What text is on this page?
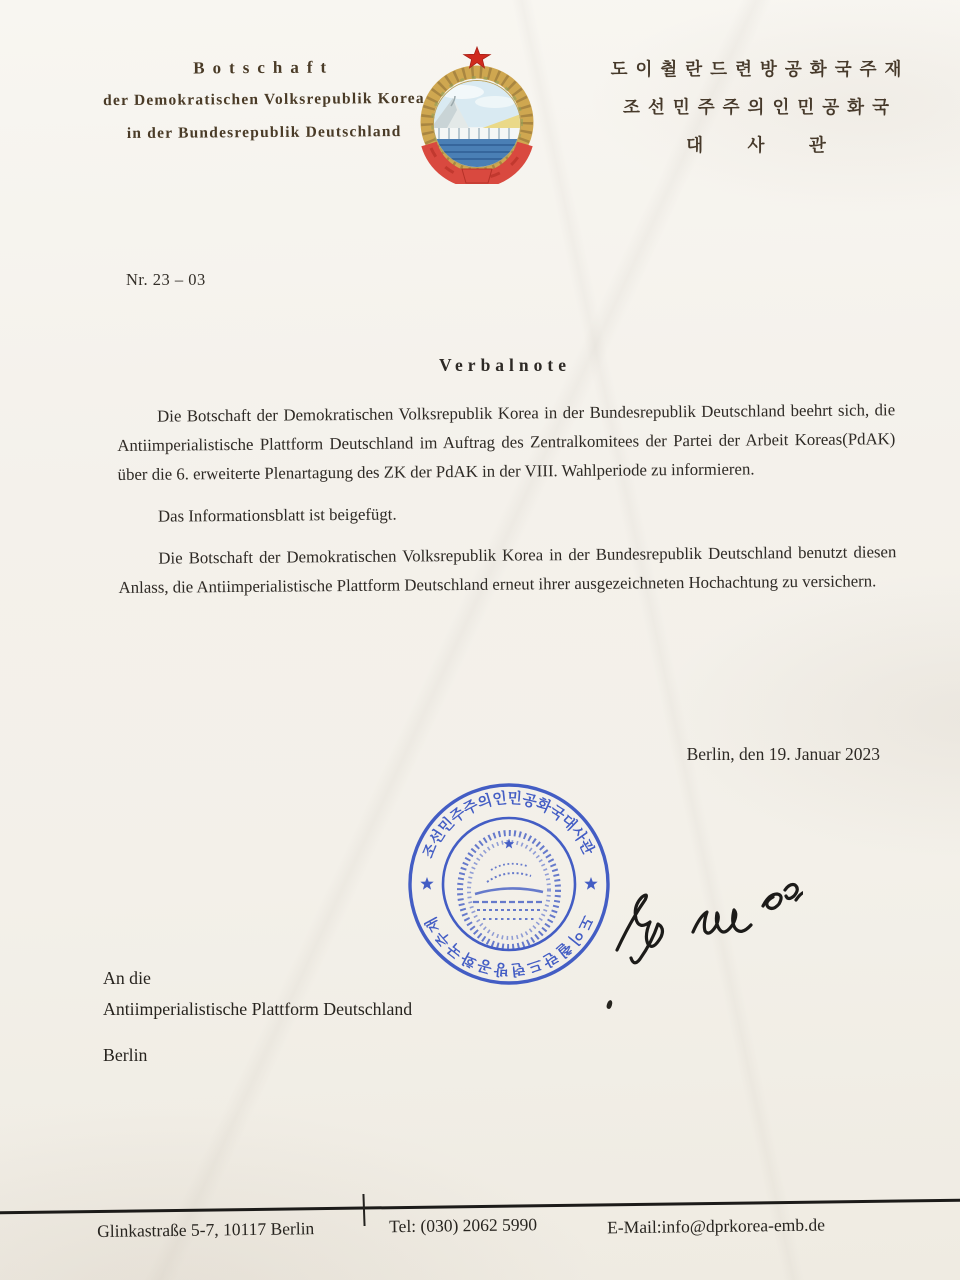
Botschaft
der Demokratischen Volksrepublik Korea
in der Bundesrepublik Deutschland
도이췰란드련방공화국주재
조선민주주의인민공화국
대 사 관
Nr. 23 – 03
Verbalnote

Die Botschaft der Demokratischen Volksrepublik Korea in der Bundesrepublik Deutschland beehrt sich, die Antiimperialistische Plattform Deutschland im Auftrag des Zentralkomitees der Partei der Arbeit Koreas(PdAK) über die 6. erweiterte Plenartagung des ZK der PdAK in der VIII. Wahlperiode zu informieren.

Das Informationsblatt ist beigefügt.

Die Botschaft der Demokratischen Volksrepublik Korea in der Bundesrepublik Deutschland benutzt diesen Anlass, die Antiimperialistische Plattform Deutschland erneut ihrer ausgezeichneten Hochachtung zu versichern.

Berlin, den 19. Januar 2023
조선민주주의인민공화국대사관
도이췰란드련방공화국주재
An die
Antiimperialistische Plattform Deutschland
Berlin
Glinkastraße 5-7, 10117 Berlin	Tel: (030) 2062 5990	E-Mail:info@dprkorea-emb.de
